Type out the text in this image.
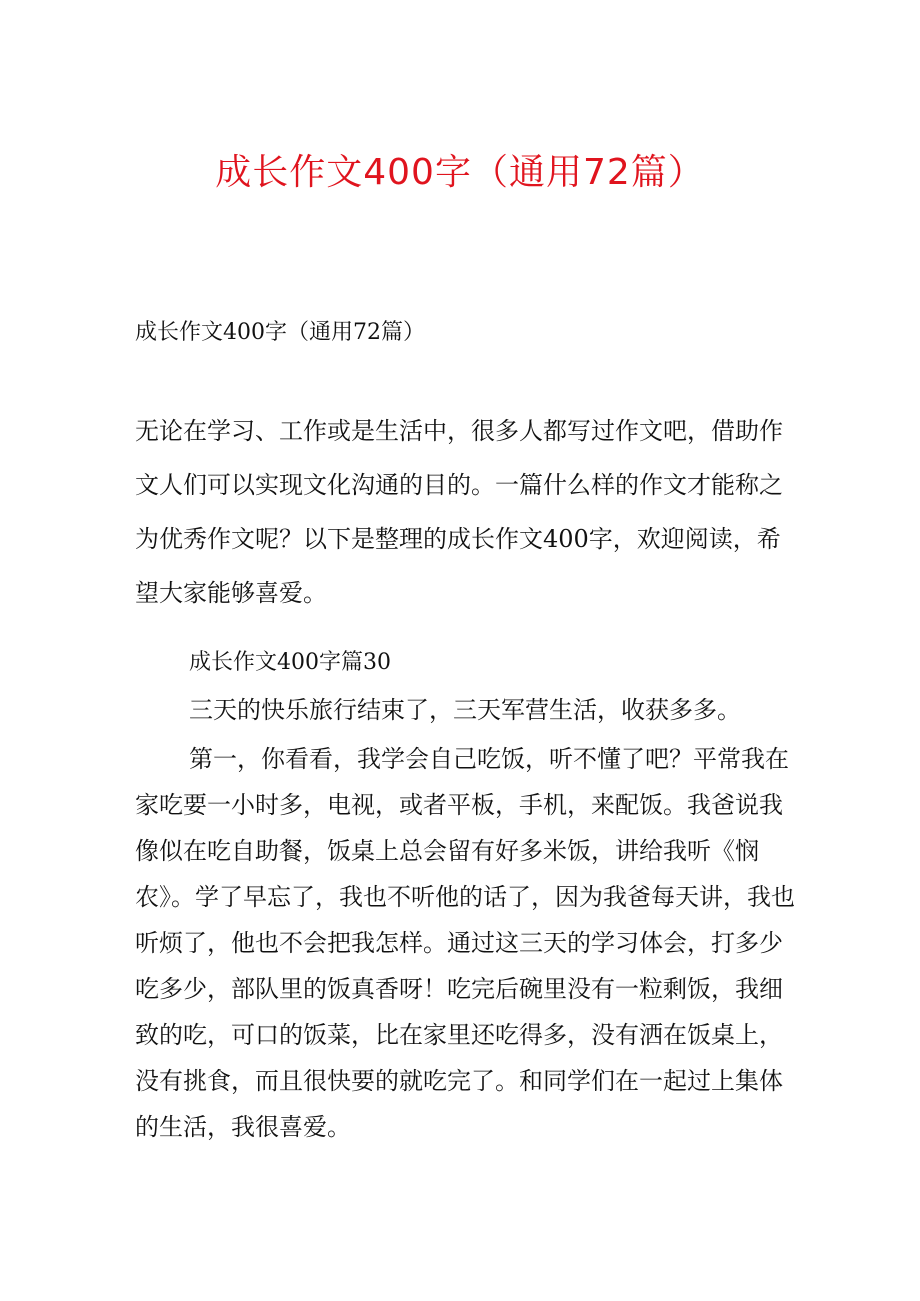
成长作文400字（通用72篇）

成长作文400字（通用72篇）

无论在学习、工作或是生活中，很多人都写过作文吧，借助作文人们可以实现文化沟通的目的。一篇什么样的作文才能称之为优秀作文呢？以下是整理的成长作文400字，欢迎阅读，希望大家能够喜爱。

成长作文400字篇30

三天的快乐旅行结束了，三天军营生活，收获多多。

第一，你看看，我学会自己吃饭，听不懂了吧？平常我在家吃要一小时多，电视，或者平板，手机，来配饭。我爸说我像似在吃自助餐，饭桌上总会留有好多米饭，讲给我听《悯农》。学了早忘了，我也不听他的话了，因为我爸每天讲，我也听烦了，他也不会把我怎样。通过这三天的学习体会，打多少吃多少，部队里的饭真香呀！吃完后碗里没有一粒剩饭，我细致的吃，可口的饭菜，比在家里还吃得多，没有洒在饭桌上，没有挑食，而且很快要的就吃完了。和同学们在一起过上集体的生活，我很喜爱。
